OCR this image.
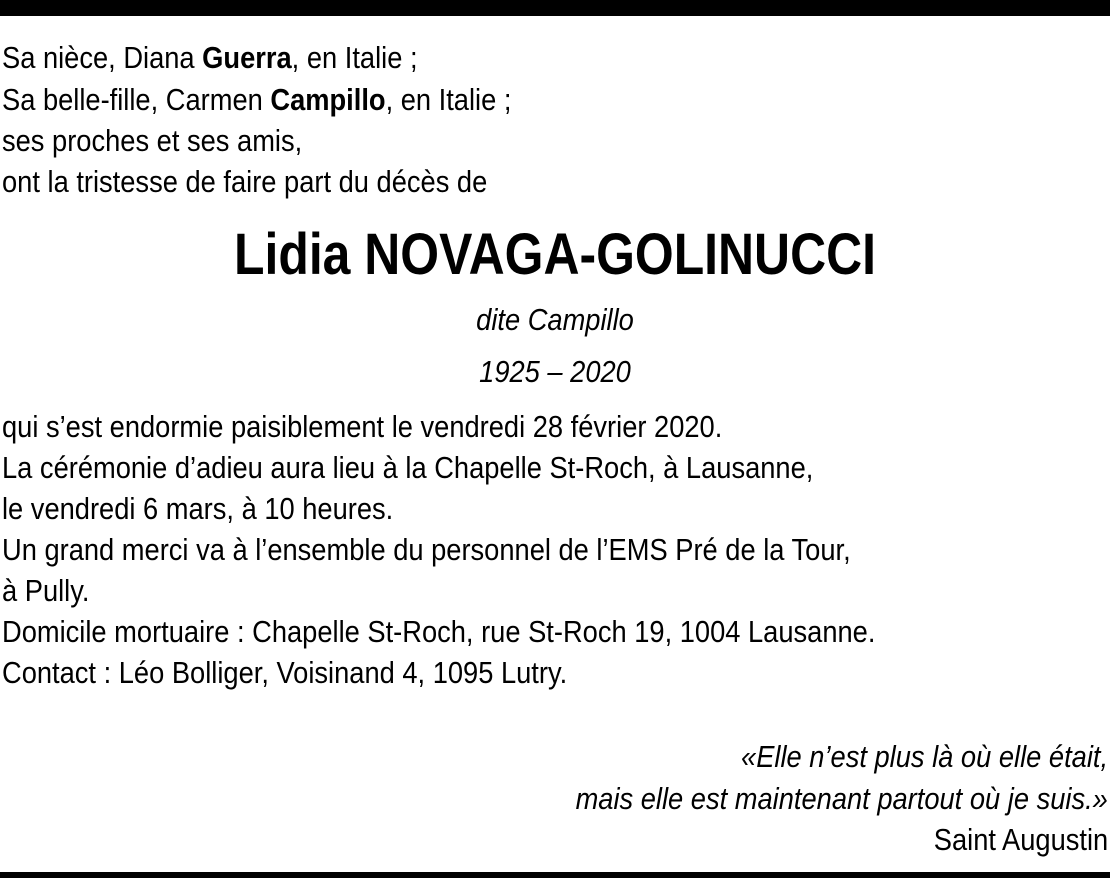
Sa nièce, Diana Guerra, en Italie ;
Sa belle-fille, Carmen Campillo, en Italie ;
ses proches et ses amis,
ont la tristesse de faire part du décès de
Lidia NOVAGA-GOLINUCCI
dite Campillo
1925 – 2020
qui s’est endormie paisiblement le vendredi 28 février 2020.
La cérémonie d’adieu aura lieu à la Chapelle St-Roch, à Lausanne,
le vendredi 6 mars, à 10 heures.
Un grand merci va à l’ensemble du personnel de l’EMS Pré de la Tour,
à Pully.
Domicile mortuaire : Chapelle St-Roch, rue St-Roch 19, 1004 Lausanne.
Contact : Léo Bolliger, Voisinand 4, 1095 Lutry.
«Elle n’est plus là où elle était,
mais elle est maintenant partout où je suis.»
Saint Augustin
